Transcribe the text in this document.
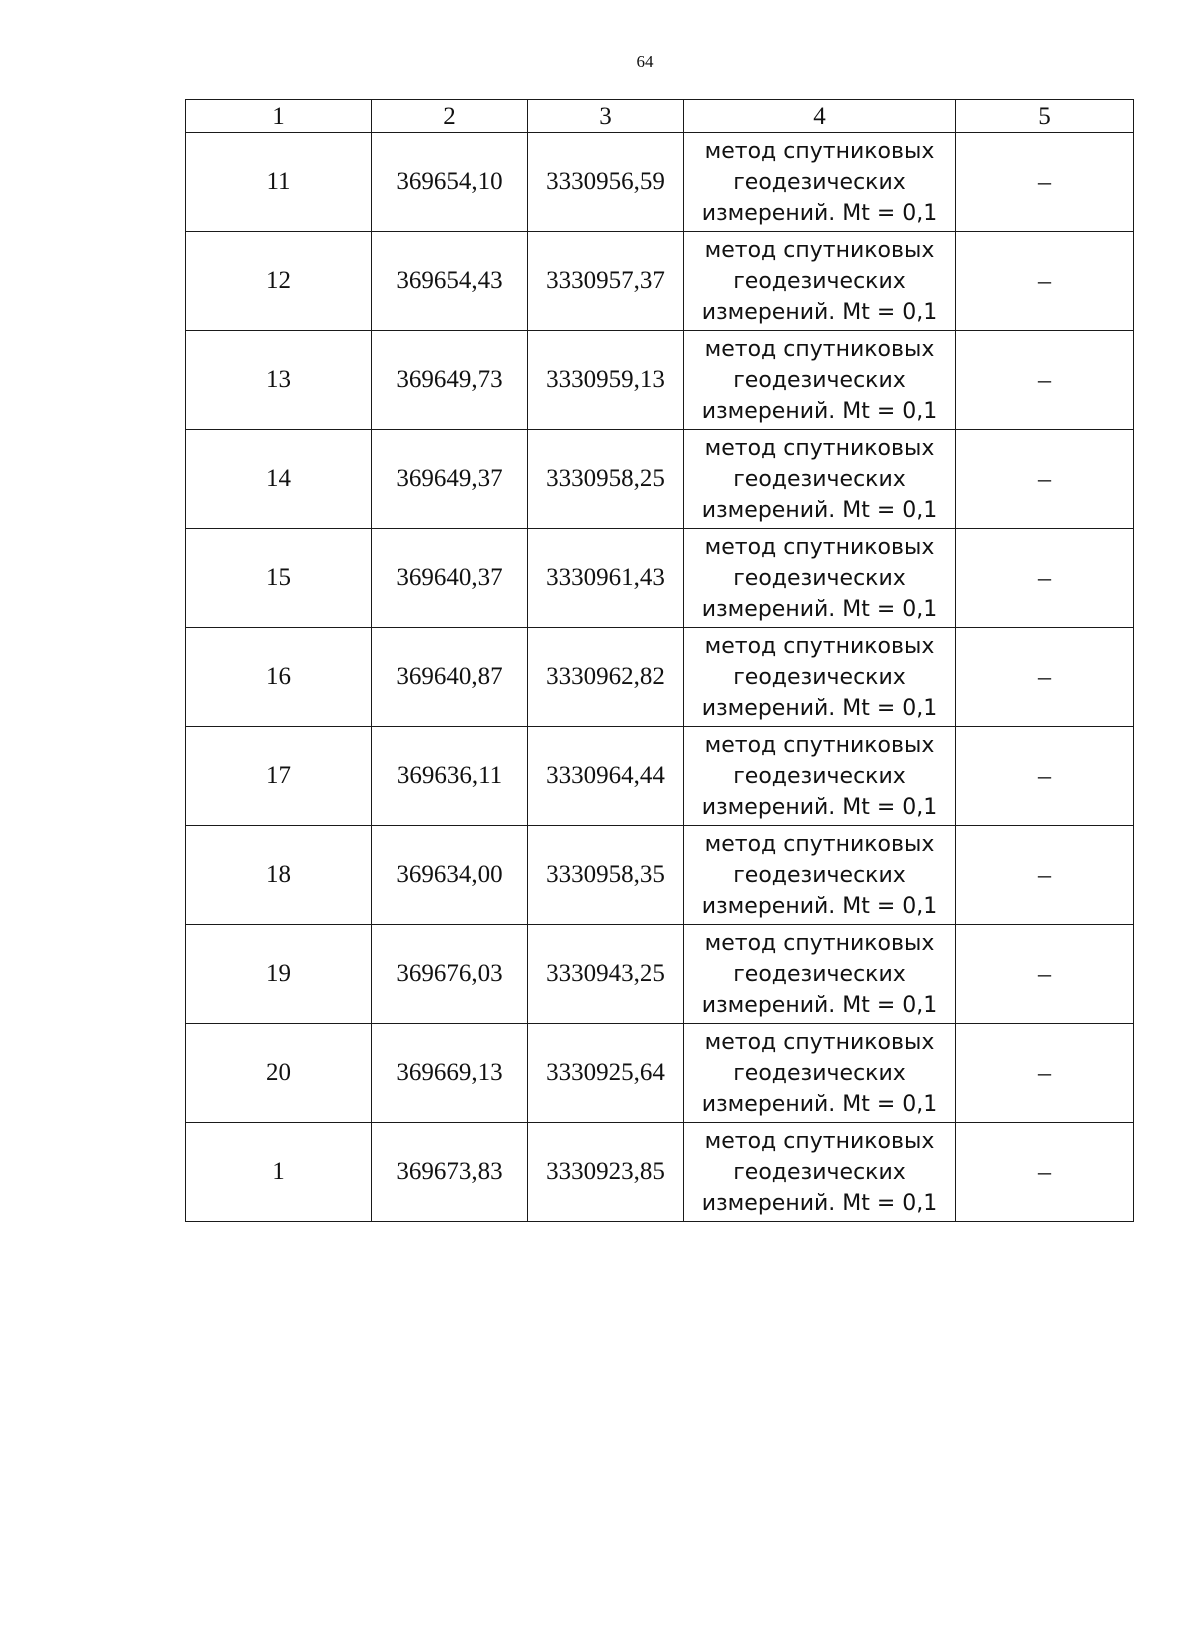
64
1	2	3	4	5
11	369654,10	3330956,59	метод спутниковых
геодезических
измерений. Mt = 0,1	–
12	369654,43	3330957,37	метод спутниковых
геодезических
измерений. Mt = 0,1	–
13	369649,73	3330959,13	метод спутниковых
геодезических
измерений. Mt = 0,1	–
14	369649,37	3330958,25	метод спутниковых
геодезических
измерений. Mt = 0,1	–
15	369640,37	3330961,43	метод спутниковых
геодезических
измерений. Mt = 0,1	–
16	369640,87	3330962,82	метод спутниковых
геодезических
измерений. Mt = 0,1	–
17	369636,11	3330964,44	метод спутниковых
геодезических
измерений. Mt = 0,1	–
18	369634,00	3330958,35	метод спутниковых
геодезических
измерений. Mt = 0,1	–
19	369676,03	3330943,25	метод спутниковых
геодезических
измерений. Mt = 0,1	–
20	369669,13	3330925,64	метод спутниковых
геодезических
измерений. Mt = 0,1	–
1	369673,83	3330923,85	метод спутниковых
геодезических
измерений. Mt = 0,1	–
